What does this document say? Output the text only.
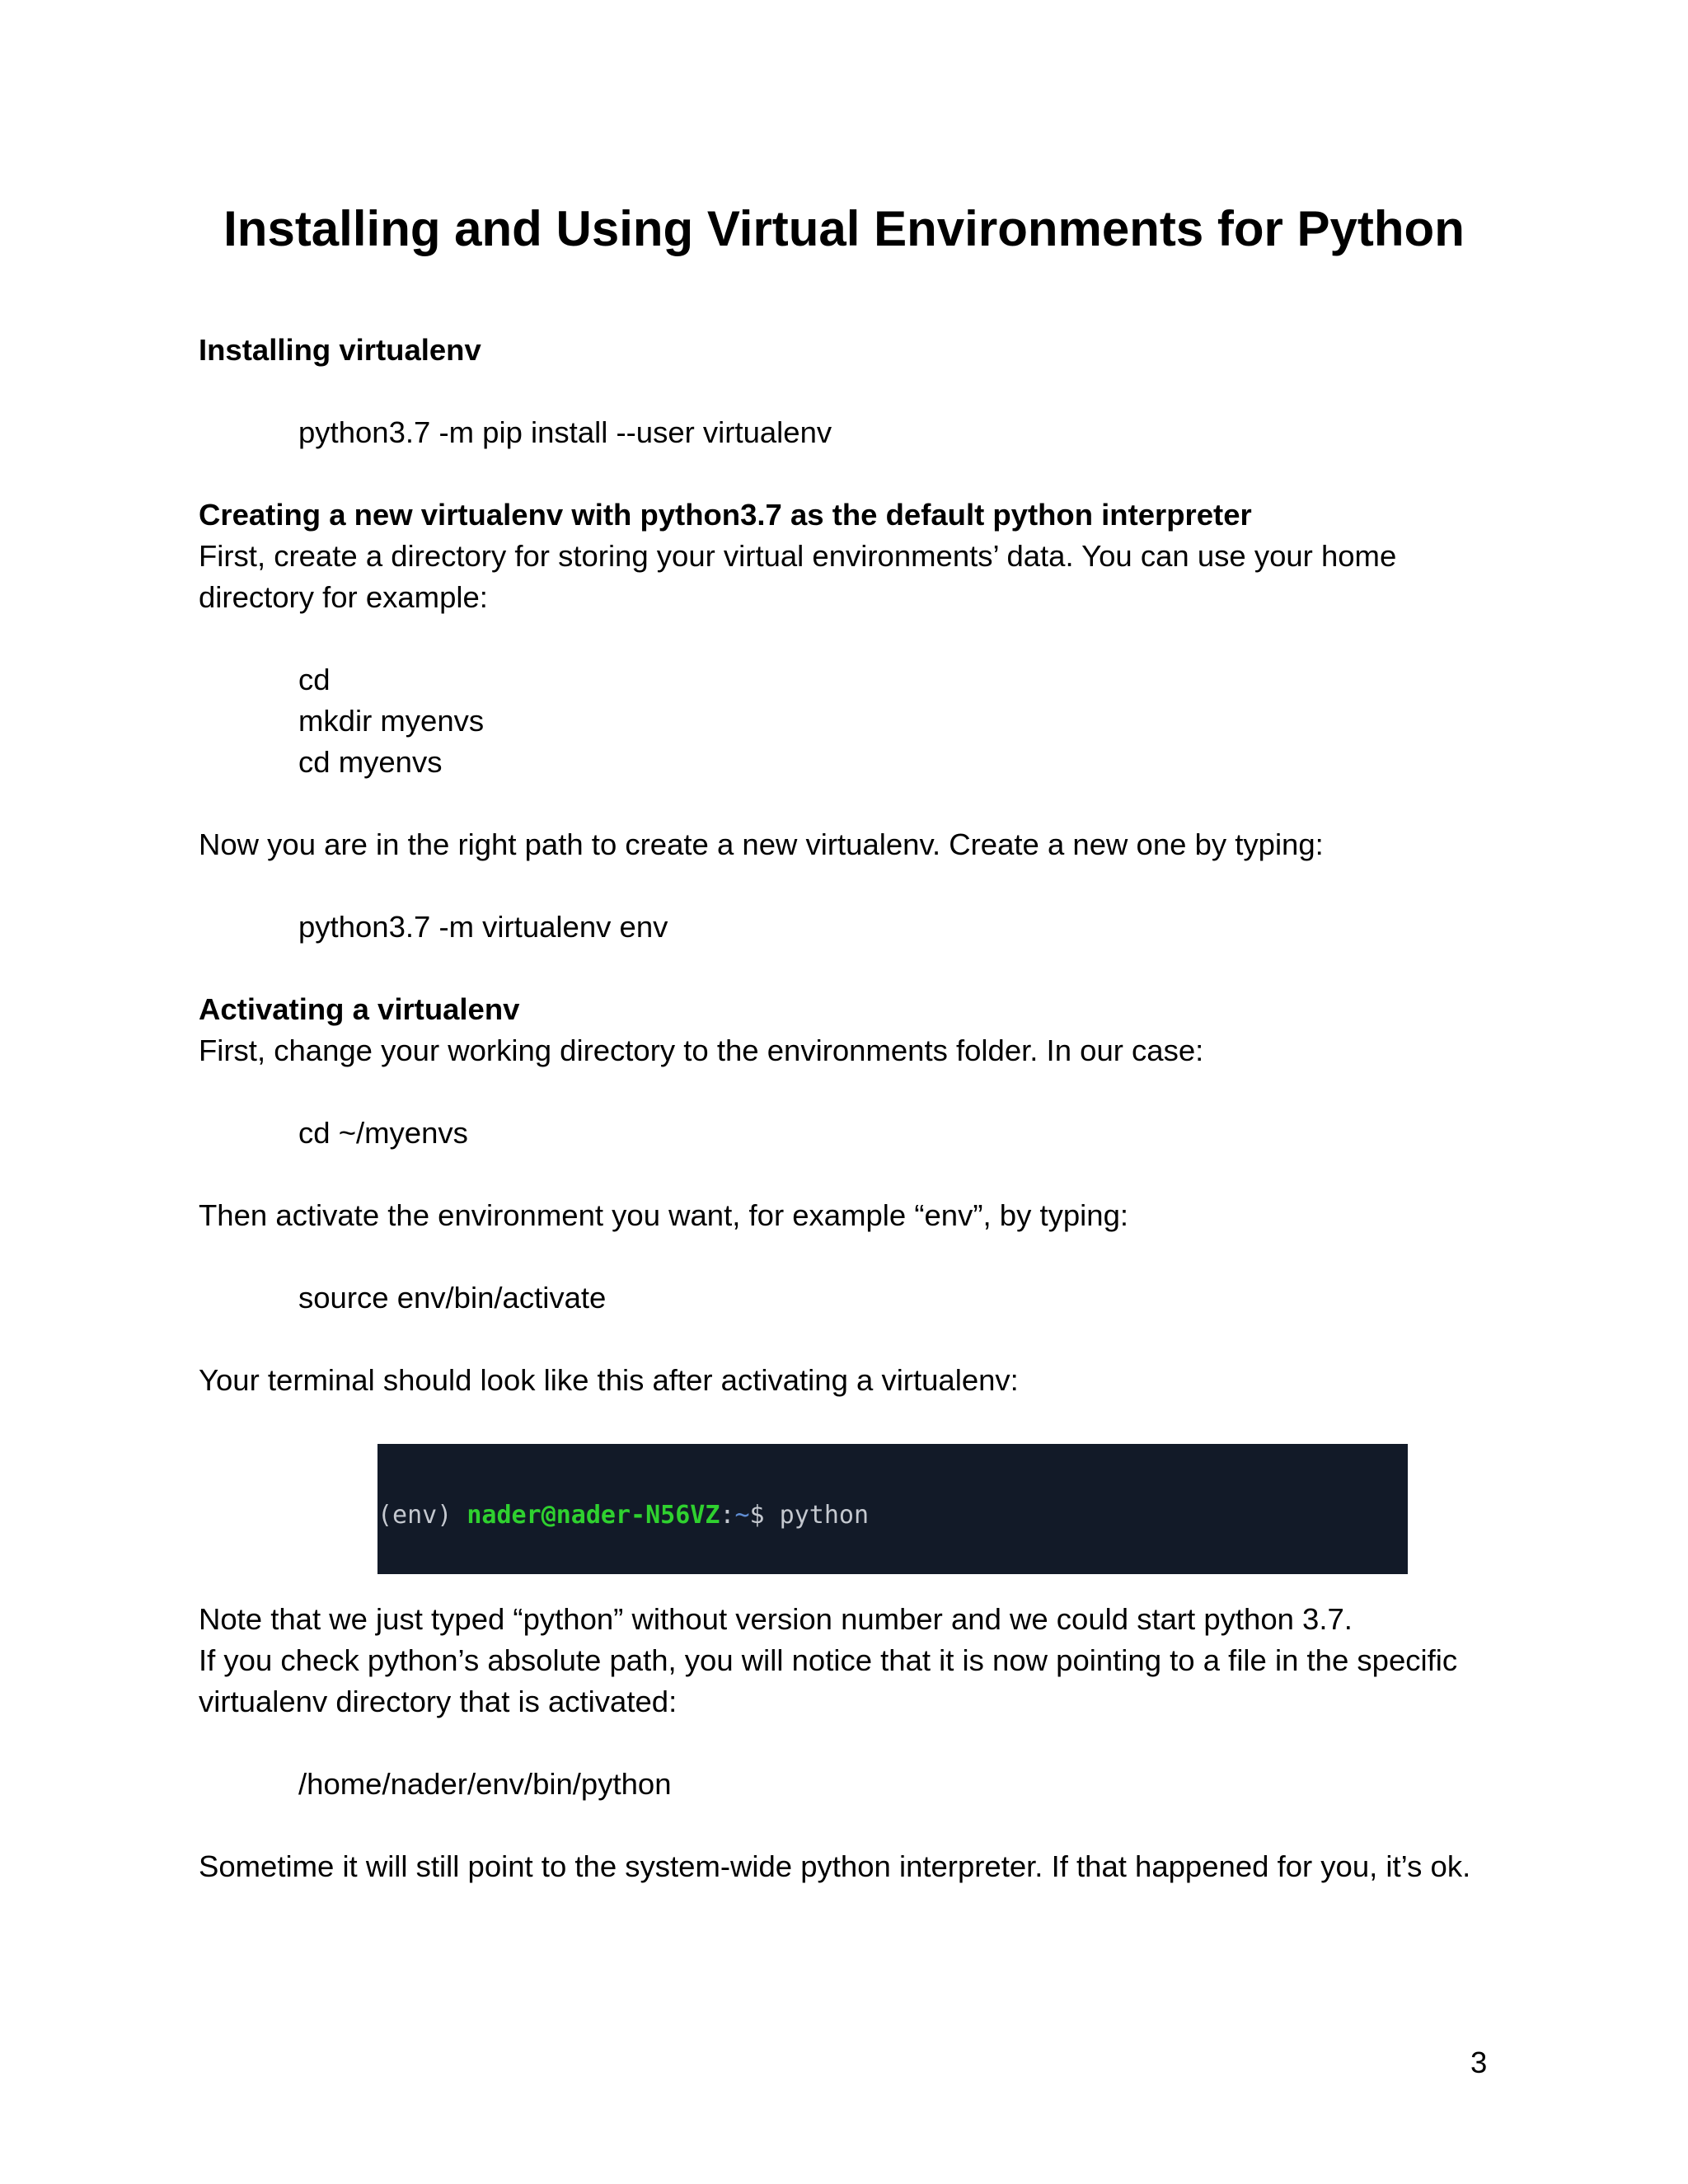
Installing and Using Virtual Environments for Python

Installing virtualenv

python3.7 -m pip install --user virtualenv

Creating a new virtualenv with python3.7 as the default python interpreter

First, create a directory for storing your virtual environments’ data. You can use your home

directory for example:

cd

mkdir myenvs

cd myenvs

Now you are in the right path to create a new virtualenv. Create a new one by typing:

python3.7 -m virtualenv env

Activating a virtualenv

First, change your working directory to the environments folder. In our case:

cd ~/myenvs

Then activate the environment you want, for example “env”, by typing:

source env/bin/activate

Your terminal should look like this after activating a virtualenv:

(env) nader@nader-N56VZ:~$ python

Note that we just typed “python” without version number and we could start python 3.7.

If you check python’s absolute path, you will notice that it is now pointing to a file in the specific

virtualenv directory that is activated:

/home/nader/env/bin/python

Sometime it will still point to the system-wide python interpreter. If that happened for you, it’s ok.

3
